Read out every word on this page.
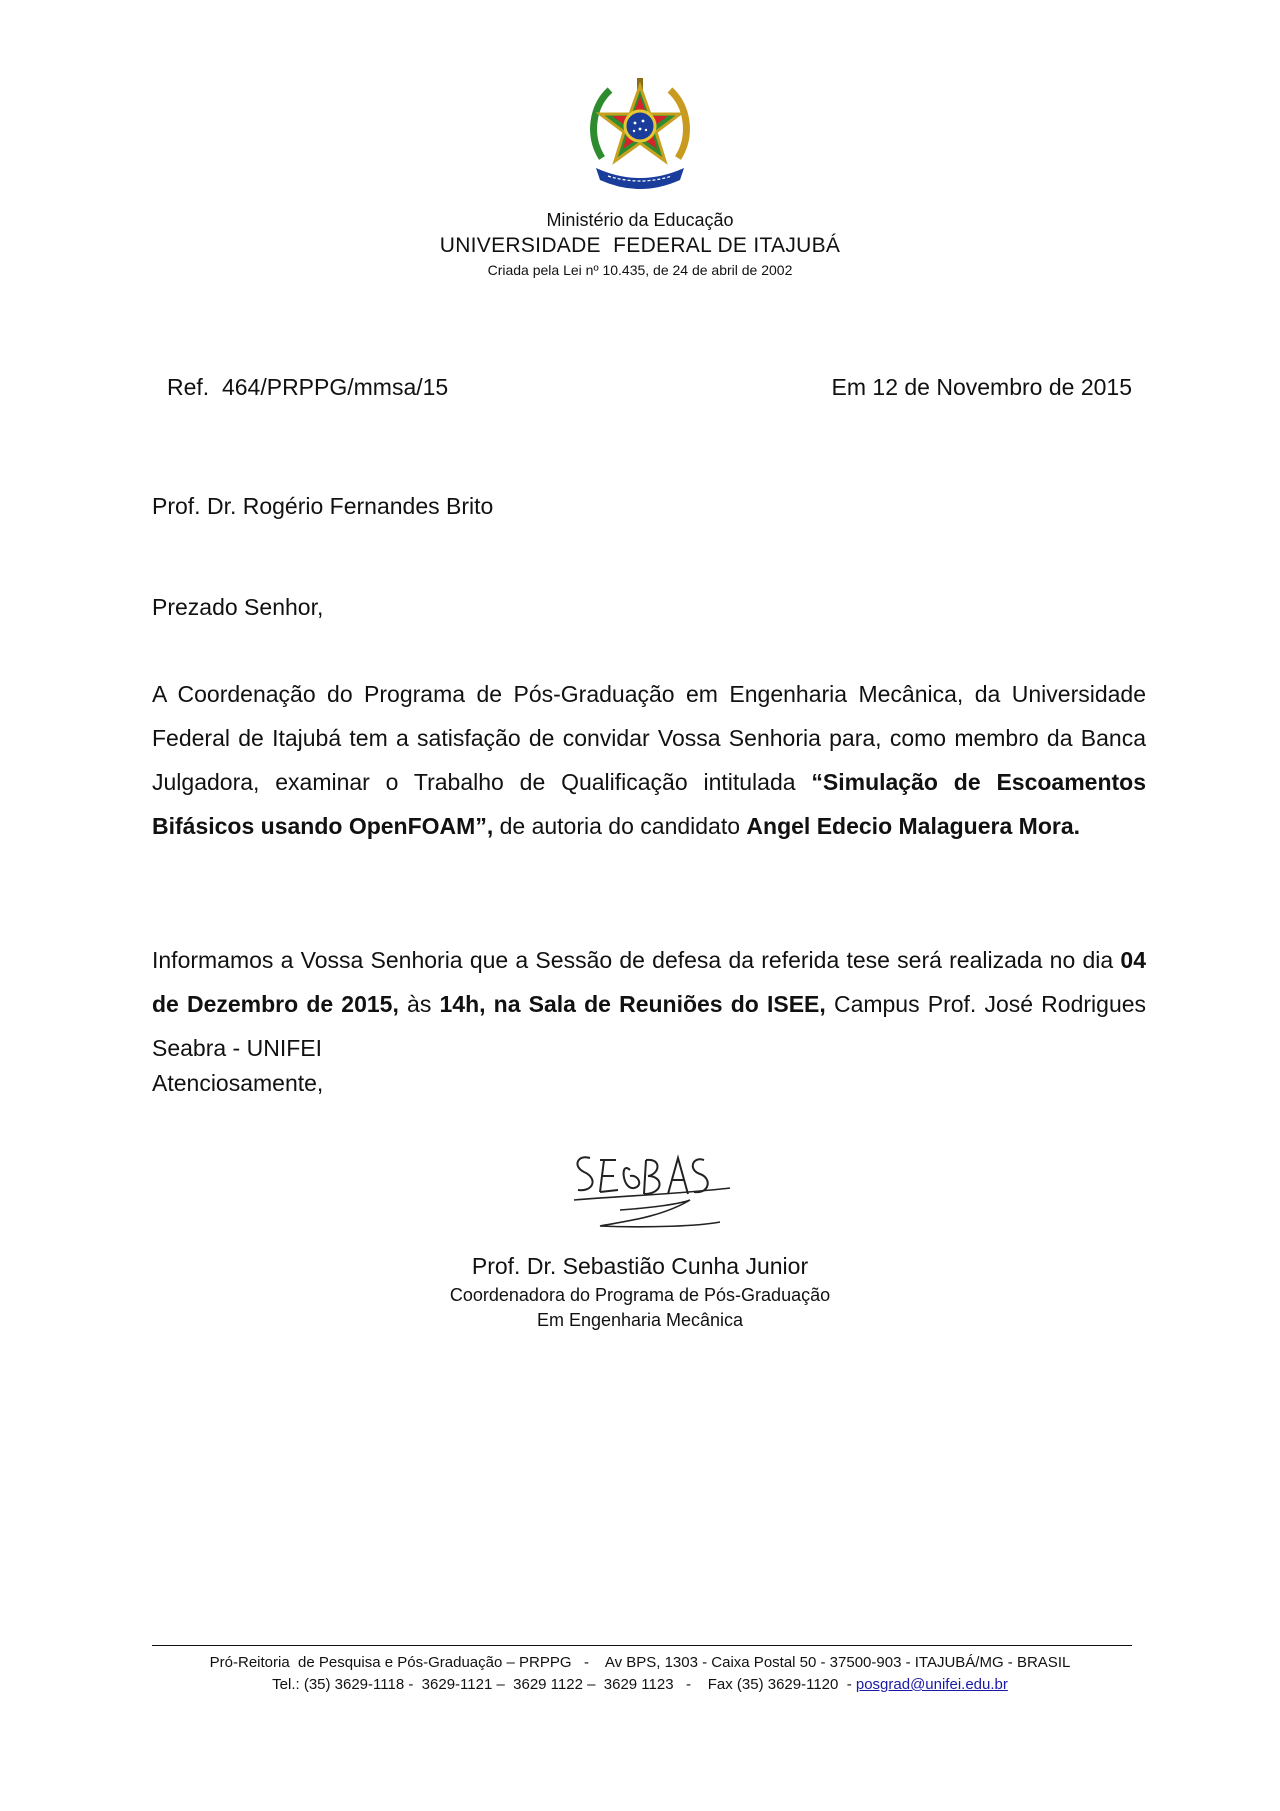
Ministério da Educação
UNIVERSIDADE  FEDERAL DE ITAJUBÁ
Criada pela Lei nº 10.435, de 24 de abril de 2002
Ref.  464/PRPPG/mmsa/15	Em 12 de Novembro de 2015
Prof. Dr. Rogério Fernandes Brito
Prezado Senhor,
A Coordenação do Programa de Pós-Graduação em Engenharia Mecânica, da Universidade Federal de Itajubá tem a satisfação de convidar Vossa Senhoria para, como membro da Banca Julgadora, examinar o Trabalho de Qualificação intitulada “Simulação de Escoamentos Bifásicos usando OpenFOAM”, de autoria do candidato Angel Edecio Malaguera Mora.
Informamos a Vossa Senhoria que a Sessão de defesa da referida tese será realizada no dia 04 de Dezembro de 2015, às 14h, na Sala de Reuniões do ISEE, Campus Prof. José Rodrigues Seabra - UNIFEI
Atenciosamente,
Prof. Dr. Sebastião Cunha Junior
Coordenadora do Programa de Pós-Graduação
Em Engenharia Mecânica
Pró-Reitoria  de Pesquisa e Pós-Graduação – PRPPG   -    Av BPS, 1303 - Caixa Postal 50 - 37500-903 - ITAJUBÁ/MG - BRASIL
Tel.: (35) 3629-1118 -  3629-1121 –  3629 1122 –  3629 1123   -    Fax (35) 3629-1120  - posgrad@unifei.edu.br
